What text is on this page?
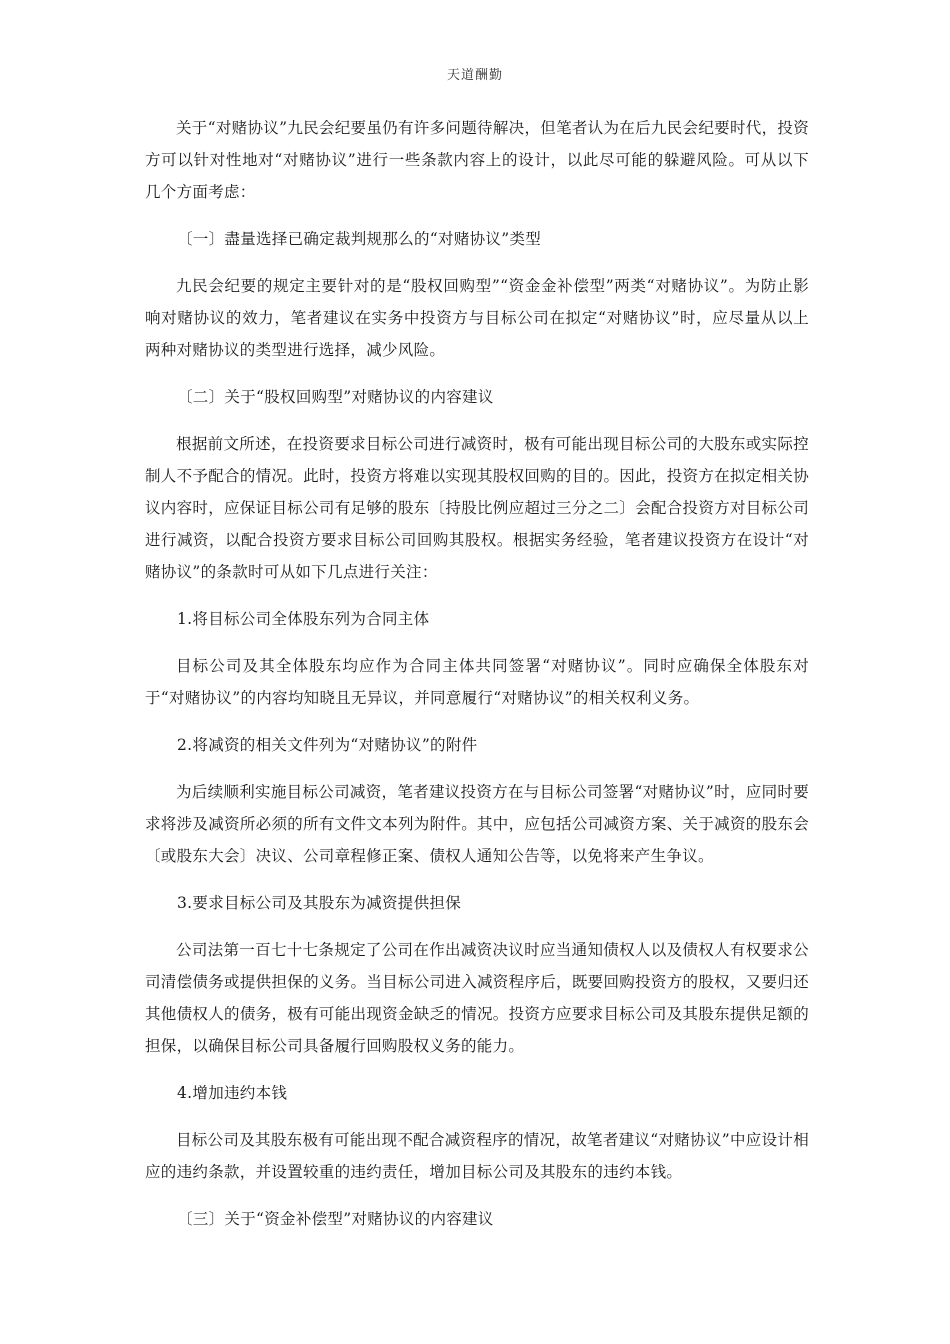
天道酬勤

关于“对赌协议”九民会纪要虽仍有许多问题待解决，但笔者认为在后九民会纪要时代，投资方可以针对性地对“对赌协议”进行一些条款内容上的设计，以此尽可能的躲避风险。可从以下几个方面考虑：

〔一〕盡量选择已确定裁判规那么的“对赌协议”类型

九民会纪要的规定主要针对的是“股权回购型”“资金金补偿型”两类“对赌协议”。为防止影响对赌协议的效力，笔者建议在实务中投资方与目标公司在拟定“对赌协议”时，应尽量从以上两种对赌协议的类型进行选择，减少风险。

〔二〕关于“股权回购型”对赌协议的内容建议

根据前文所述，在投资要求目标公司进行减资时，极有可能出现目标公司的大股东或实际控制人不予配合的情况。此时，投资方将难以实现其股权回购的目的。因此，投资方在拟定相关协议内容时，应保证目标公司有足够的股东〔持股比例应超过三分之二〕会配合投资方对目标公司进行减资，以配合投资方要求目标公司回购其股权。根据实务经验，笔者建议投资方在设计“对赌协议”的条款时可从如下几点进行关注：

1.将目标公司全体股东列为合同主体

目标公司及其全体股东均应作为合同主体共同签署“对赌协议”。同时应确保全体股东对于“对赌协议”的内容均知晓且无异议，并同意履行“对赌协议”的相关权利义务。

2.将减资的相关文件列为“对赌协议”的附件

为后续顺利实施目标公司减资，笔者建议投资方在与目标公司签署“对赌协议”时，应同时要求将涉及减资所必须的所有文件文本列为附件。其中，应包括公司减资方案、关于减资的股东会〔或股东大会〕决议、公司章程修正案、债权人通知公告等，以免将来产生争议。

3.要求目标公司及其股东为减资提供担保

公司法第一百七十七条规定了公司在作出减资决议时应当通知债权人以及债权人有权要求公司清偿债务或提供担保的义务。当目标公司进入减资程序后，既要回购投资方的股权，又要归还其他债权人的债务，极有可能出现资金缺乏的情况。投资方应要求目标公司及其股东提供足额的担保，以确保目标公司具备履行回购股权义务的能力。

4.增加违约本钱

目标公司及其股东极有可能出现不配合减资程序的情况，故笔者建议“对赌协议”中应设计相应的违约条款，并设置较重的违约责任，增加目标公司及其股东的违约本钱。

〔三〕关于“资金补偿型”对赌协议的内容建议
